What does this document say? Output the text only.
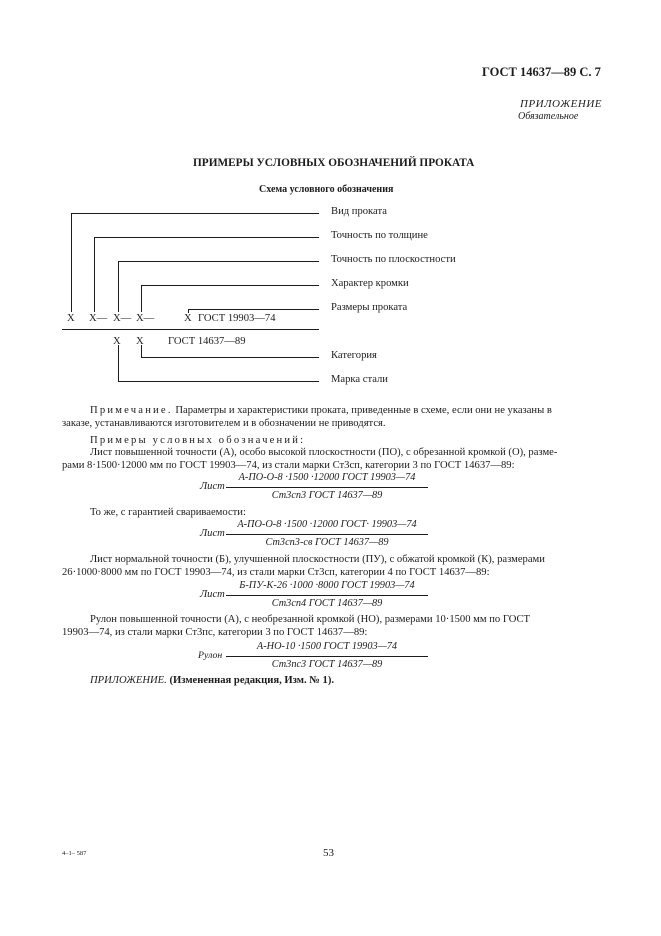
ГОСТ 14637—89 С. 7
ПРИЛОЖЕНИЕ
Обязательное
ПРИМЕРЫ УСЛОВНЫХ ОБОЗНАЧЕНИЙ ПРОКАТА
Схема условного обозначения
Вид проката
Точность по толщине
Точность по плоскостности
Характер кромки
Размеры проката
Категория
Марка стали
X X— X— X—	X ГОСТ 19903—74
X X ГОСТ 14637—89
Примечание. Параметры и характеристики проката, приведенные в схеме, если они не указаны в
заказе, устанавливаются изготовителем и в обозначении не приводятся.
Примеры условных обозначений:
Лист повышенной точности (А), особо высокой плоскостности (ПО), с обрезанной кромкой (О), разме-
рами 8·1500·12000 мм по ГОСТ 19903—74, из стали марки Ст3сп, категории 3 по ГОСТ 14637—89:
Лист
А-ПО-О-8 ·1500 ·12000 ГОСТ 19903—74
Ст3сп3 ГОСТ 14637—89
То же, с гарантией свариваемости:
Лист
А-ПО-О-8 ·1500 ·12000 ГОСТ· 19903—74
Ст3сп3-св ГОСТ 14637—89
Лист нормальной точности (Б), улучшенной плоскостности (ПУ), с обжатой кромкой (К), размерами
26·1000·8000 мм по ГОСТ 19903—74, из стали марки Ст3сп, категории 4 по ГОСТ 14637—89:
Лист
Б-ПУ-К-26 ·1000 ·8000 ГОСТ 19903—74
Ст3сп4 ГОСТ 14637—89
Рулон повышенной точности (А), с необрезанной кромкой (НО), размерами 10·1500 мм по ГОСТ
19903—74, из стали марки Ст3пс, категории 3 по ГОСТ 14637—89:
Рулон
А-НО-10 ·1500 ГОСТ 19903—74
Ст3пс3 ГОСТ 14637—89
ПРИЛОЖЕНИЕ. (Измененная редакция, Изм. № 1).
4–1– 587	53
